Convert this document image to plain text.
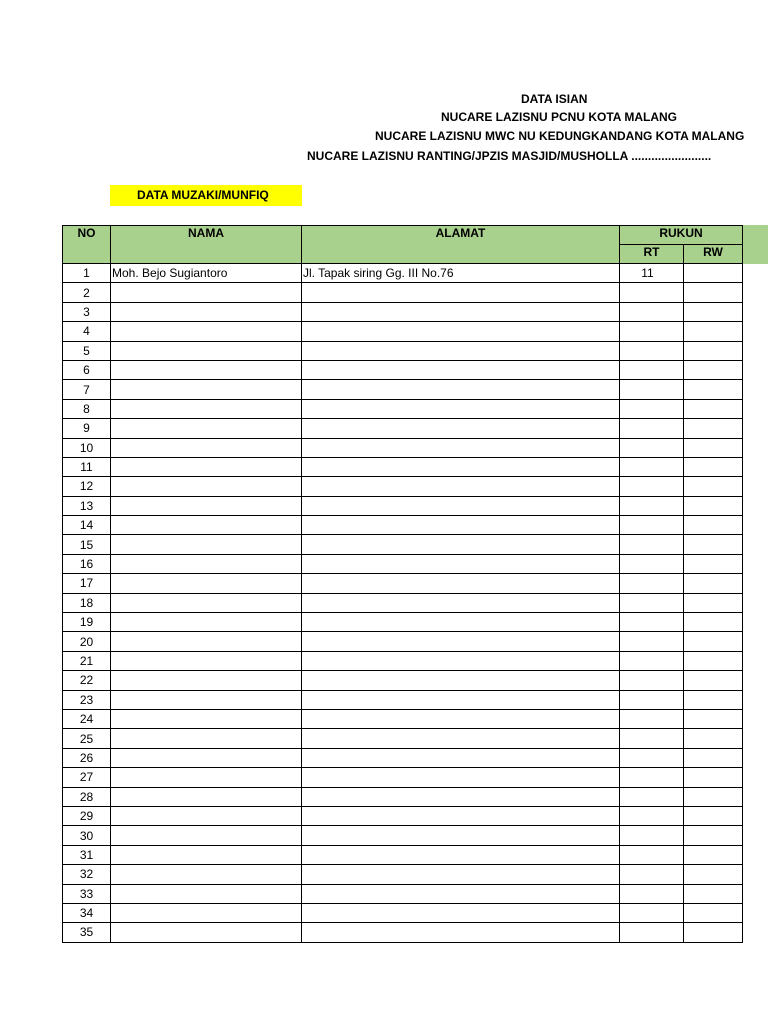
DATA ISIAN
NUCARE LAZISNU PCNU KOTA MALANG
NUCARE LAZISNU MWC NU KEDUNGKANDANG KOTA MALANG
NUCARE LAZISNU RANTING/JPZIS MASJID/MUSHOLLA ........................
DATA MUZAKI/MUNFIQ
NO	NAMA	ALAMAT	RUKUN	
			RT	RW
1	Moh. Bejo Sugiantoro	Jl. Tapak siring Gg. III No.76	11	
2				
3				
4				
5				
6				
7				
8				
9				
10				
11				
12				
13				
14				
15				
16				
17				
18				
19				
20				
21				
22				
23				
24				
25				
26				
27				
28				
29				
30				
31				
32				
33				
34				
35				
